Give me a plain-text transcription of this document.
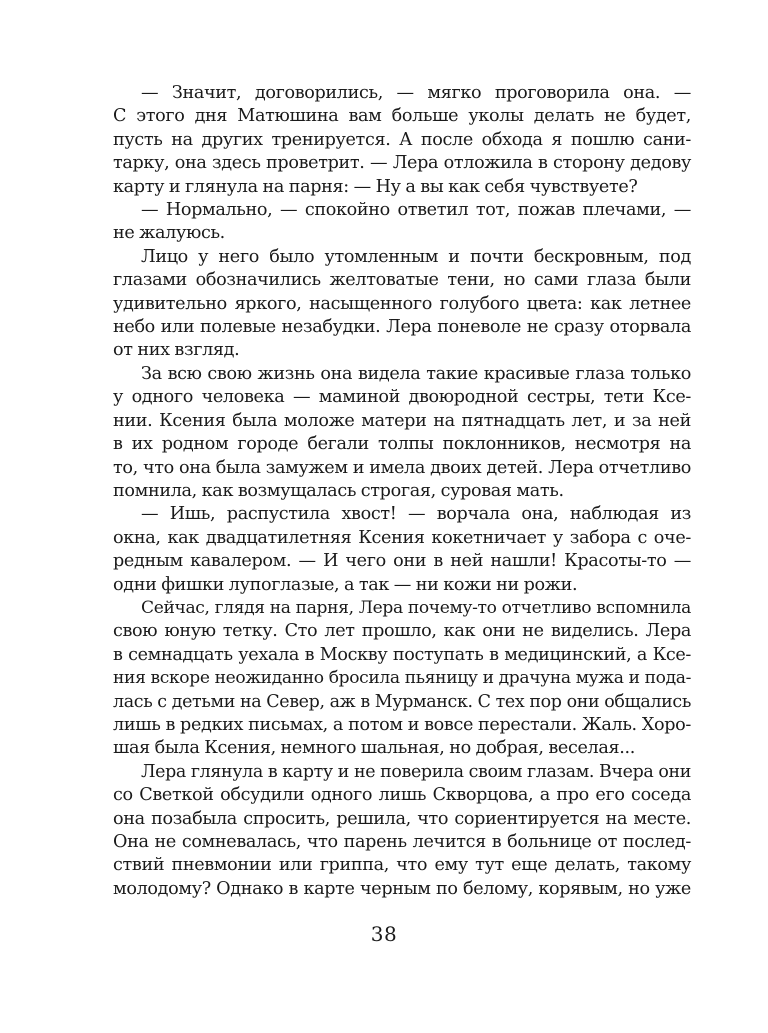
— Значит, договорились, — мягко проговорила она. —
С этого дня Матюшина вам больше уколы делать не будет,
пусть на других тренируется. А после обхода я пошлю сани-
тарку, она здесь проветрит. — Лера отложила в сторону дедову
карту и глянула на парня: — Ну а вы как себя чувствуете?
— Нормально, — спокойно ответил тот, пожав плечами, —
не жалуюсь.
Лицо у него было утомленным и почти бескровным, под
глазами обозначились желтоватые тени, но сами глаза были
удивительно яркого, насыщенного голубого цвета: как летнее
небо или полевые незабудки. Лера поневоле не сразу оторвала
от них взгляд.
За всю свою жизнь она видела такие красивые глаза только
у одного человека — маминой двоюродной сестры, тети Ксе-
нии. Ксения была моложе матери на пятнадцать лет, и за ней
в их родном городе бегали толпы поклонников, несмотря на
то, что она была замужем и имела двоих детей. Лера отчетливо
помнила, как возмущалась строгая, суровая мать.
— Ишь, распустила хвост! — ворчала она, наблюдая из
окна, как двадцатилетняя Ксения кокетничает у забора с оче-
редным кавалером. — И чего они в ней нашли! Красоты-то —
одни фишки лупоглазые, а так — ни кожи ни рожи.
Сейчас, глядя на парня, Лера почему-то отчетливо вспомнила
свою юную тетку. Сто лет прошло, как они не виделись. Лера
в семнадцать уехала в Москву поступать в медицинский, а Ксе-
ния вскоре неожиданно бросила пьяницу и драчуна мужа и пода-
лась с детьми на Север, аж в Мурманск. С тех пор они общались
лишь в редких письмах, а потом и вовсе перестали. Жаль. Хоро-
шая была Ксения, немного шальная, но добрая, веселая...
Лера глянула в карту и не поверила своим глазам. Вчера они
со Светкой обсудили одного лишь Скворцова, а про его соседа
она позабыла спросить, решила, что сориентируется на месте.
Она не сомневалась, что парень лечится в больнице от послед-
ствий пневмонии или гриппа, что ему тут еще делать, такому
молодому? Однако в карте черным по белому, корявым, но уже
38
